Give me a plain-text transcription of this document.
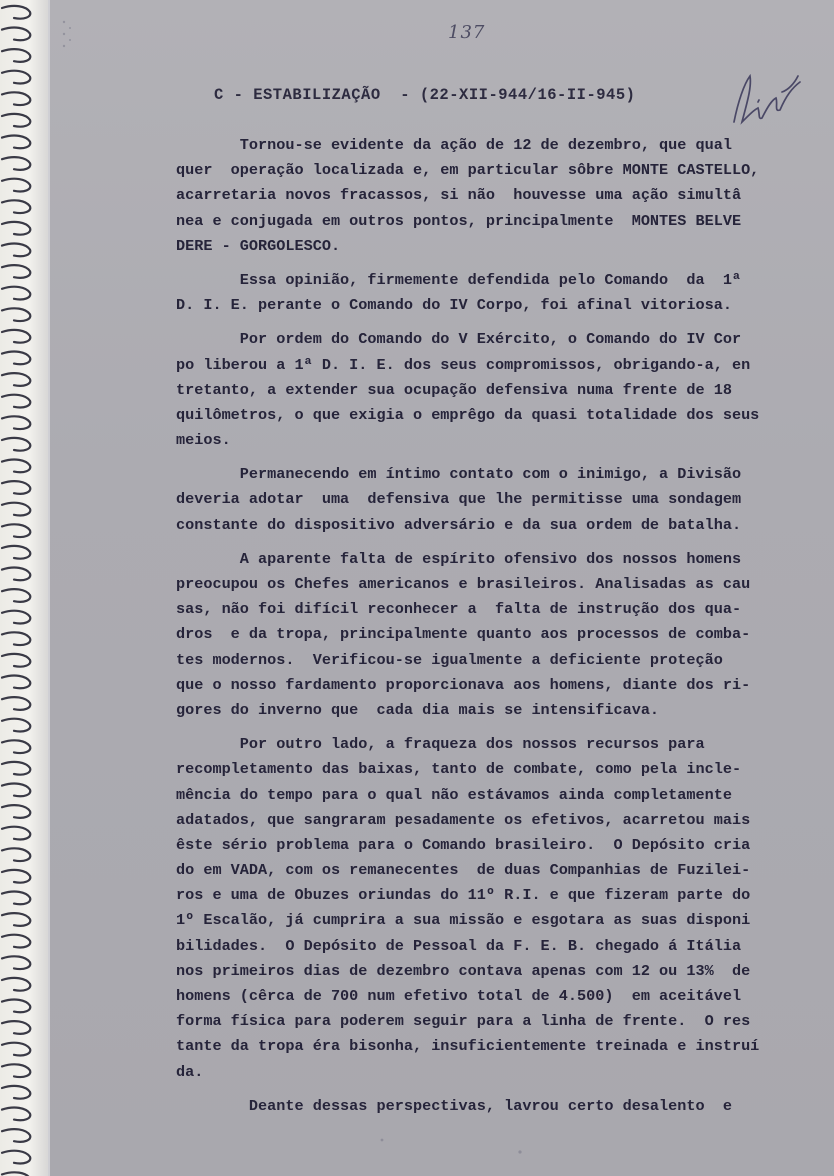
137
C - ESTABILIZAÇÃO  - (22-XII-944/16-II-945)
Tornou-se evidente da ação de 12 de dezembro, que qual
quer  operação localizada e, em particular sôbre MONTE CASTELLO,
acarretaria novos fracassos, si não  houvesse uma ação simultâ
nea e conjugada em outros pontos, principalmente  MONTES BELVE
DERE - GORGOLESCO.
Essa opinião, firmemente defendida pelo Comando  da  1ª
D. I. E. perante o Comando do IV Corpo, foi afinal vitoriosa.
Por ordem do Comando do V Exército, o Comando do IV Cor
po liberou a 1ª D. I. E. dos seus compromissos, obrigando-a, en
tretanto, a extender sua ocupação defensiva numa frente de 18
quilômetros, o que exigia o emprêgo da quasi totalidade dos seus
meios.
Permanecendo em íntimo contato com o inimigo, a Divisão
deveria adotar  uma  defensiva que lhe permitisse uma sondagem
constante do dispositivo adversário e da sua ordem de batalha.
A aparente falta de espírito ofensivo dos nossos homens
preocupou os Chefes americanos e brasileiros. Analisadas as cau
sas, não foi difícil reconhecer a  falta de instrução dos qua-
dros  e da tropa, principalmente quanto aos processos de comba-
tes modernos.  Verificou-se igualmente a deficiente proteção
que o nosso fardamento proporcionava aos homens, diante dos ri-
gores do inverno que  cada dia mais se intensificava.
Por outro lado, a fraqueza dos nossos recursos para
recompletamento das baixas, tanto de combate, como pela incle-
mência do tempo para o qual não estávamos ainda completamente
adatados, que sangraram pesadamente os efetivos, acarretou mais
êste sério problema para o Comando brasileiro.  O Depósito cria
do em VADA, com os remanecentes  de duas Companhias de Fuzilei-
ros e uma de Obuzes oriundas do 11º R.I. e que fizeram parte do
1º Escalão, já cumprira a sua missão e esgotara as suas disponi
bilidades.  O Depósito de Pessoal da F. E. B. chegado á Itália
nos primeiros dias de dezembro contava apenas com 12 ou 13%  de
homens (cêrca de 700 num efetivo total de 4.500)  em aceitável
forma física para poderem seguir para a linha de frente.  O res
tante da tropa éra bisonha, insuficientemente treinada e instruí
da.
Deante dessas perspectivas, lavrou certo desalento  e
